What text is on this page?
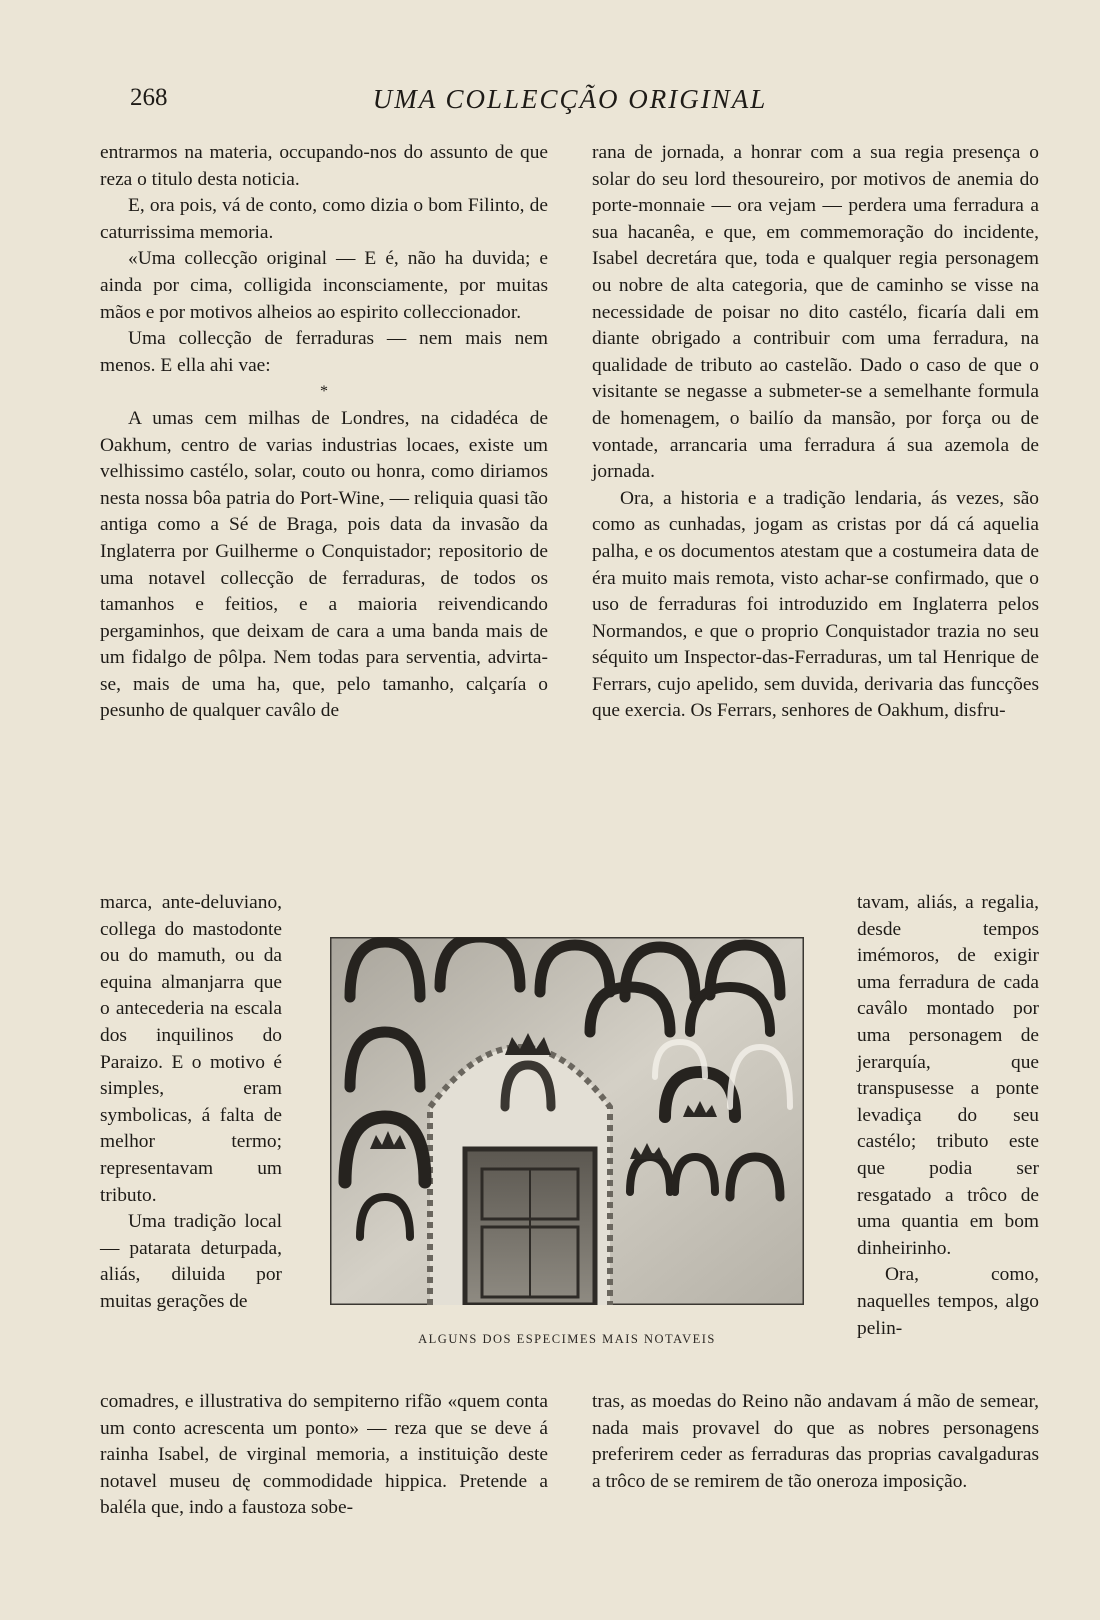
268	UMA COLLECÇÃO ORIGINAL

entrarmos na materia, occupando-nos do assunto de que reza o titulo desta noticia.

E, ora pois, vá de conto, como dizia o bom Filinto, de caturrissima memoria.

«Uma collecção original — E é, não ha duvida; e ainda por cima, colligida inconsciamente, por muitas mãos e por motivos alheios ao espirito colleccionador.

Uma collecção de ferraduras — nem mais nem menos. E ella ahi vae:

*

A umas cem milhas de Londres, na cidadéca de Oakhum, centro de varias industrias locaes, existe um velhissimo castélo, solar, couto ou honra, como diriamos nesta nossa bôa patria do Port-Wine, — reliquia quasi tão antiga como a Sé de Braga, pois data da invasão da Inglaterra por Guilherme o Conquistador; repositorio de uma notavel collecção de ferraduras, de todos os tamanhos e feitios, e a maioria reivendicando pergaminhos, que deixam de cara a uma banda mais de um fidalgo de pôlpa. Nem todas para serventia, advirta-se, mais de uma ha, que, pelo tamanho, calçaría o pesunho de qualquer cavâlo de

marca, ante-deluviano, collega do mastodonte ou do mamuth, ou da equina almanjarra que o antecederia na escala dos inquilinos do Paraizo. E o motivo é simples, eram symbolicas, á falta de melhor termo; representavam um tributo.

Uma tradição local — patarata deturpada, aliás, diluida por muitas gerações de

comadres, e illustrativa do sempiterno rifão «quem conta um conto acrescenta um ponto» — reza que se deve á rainha Isabel, de virginal memoria, a instituição deste notavel museu dę commodidade hippica. Pretende a baléla que, indo a faustoza sobe-

rana de jornada, a honrar com a sua regia presença o solar do seu lord thesoureiro, por motivos de anemia do porte-monnaie — ora vejam — perdera uma ferradura a sua hacanêa, e que, em commemoração do incidente, Isabel decretára que, toda e qualquer regia personagem ou nobre de alta categoria, que de caminho se visse na necessidade de poisar no dito castélo, ficaría dali em diante obrigado a contribuir com uma ferradura, na qualidade de tributo ao castelão. Dado o caso de que o visitante se negasse a submeter-se a semelhante formula de homenagem, o bailío da mansão, por força ou de vontade, arrancaria uma ferradura á sua azemola de jornada.

Ora, a historia e a tradição lendaria, ás vezes, são como as cunhadas, jogam as cristas por dá cá aquelia palha, e os documentos atestam que a costumeira data de éra muito mais remota, visto achar-se confirmado, que o uso de ferraduras foi introduzido em Inglaterra pelos Normandos, e que o proprio Conquistador trazia no seu séquito um Inspector-das-Ferraduras, um tal Henrique de Ferrars, cujo apelido, sem duvida, derivaria das funcções que exercia. Os Ferrars, senhores de Oakhum, disfru-

tavam, aliás, a regalia, desde tempos imémoros, de exigir uma ferradura de cada cavâlo montado por uma personagem de jerarquía, que transpusesse a ponte levadiça do seu castélo; tributo este que podia ser resgatado a trôco de uma quantia em bom dinheirinho.

Ora, como, naquelles tempos, algo pelin-

tras, as moedas do Reino não andavam á mão de semear, nada mais provavel do que as nobres personagens preferirem ceder as ferraduras das proprias cavalgaduras a trôco de se remirem de tão oneroza imposição.

ALGUNS DOS ESPECIMES MAIS NOTAVEIS
